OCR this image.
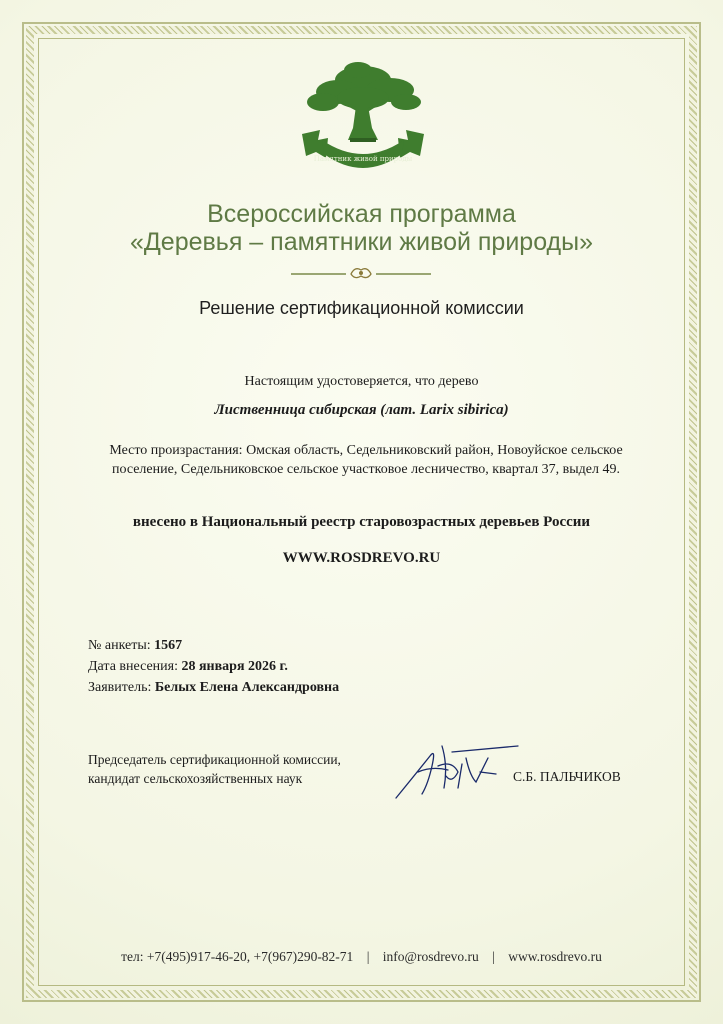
Памятник живой природы
Всероссийская программа
«Деревья – памятники живой природы»
Решение сертификационной комиссии
Настоящим удостоверяется, что дерево
Лиственница сибирская (лат. Larix sibirica)
Место произрастания: Омская область, Седельниковский район, Новоуйское сельское
поселение, Седельниковское сельское участковое лесничество, квартал 37, выдел 49.
внесено в Национальный реестр старовозрастных деревьев России
WWW.ROSDREVO.RU
№ анкеты: 1567
Дата внесения: 28 января 2026 г.
Заявитель: Белых Елена Александровна
Председатель сертификационной комиссии,
кандидат сельскохозяйственных наук	С.Б. ПАЛЬЧИКОВ
тел: +7(495)917-46-20, +7(967)290-82-71 | info@rosdrevo.ru | www.rosdrevo.ru
